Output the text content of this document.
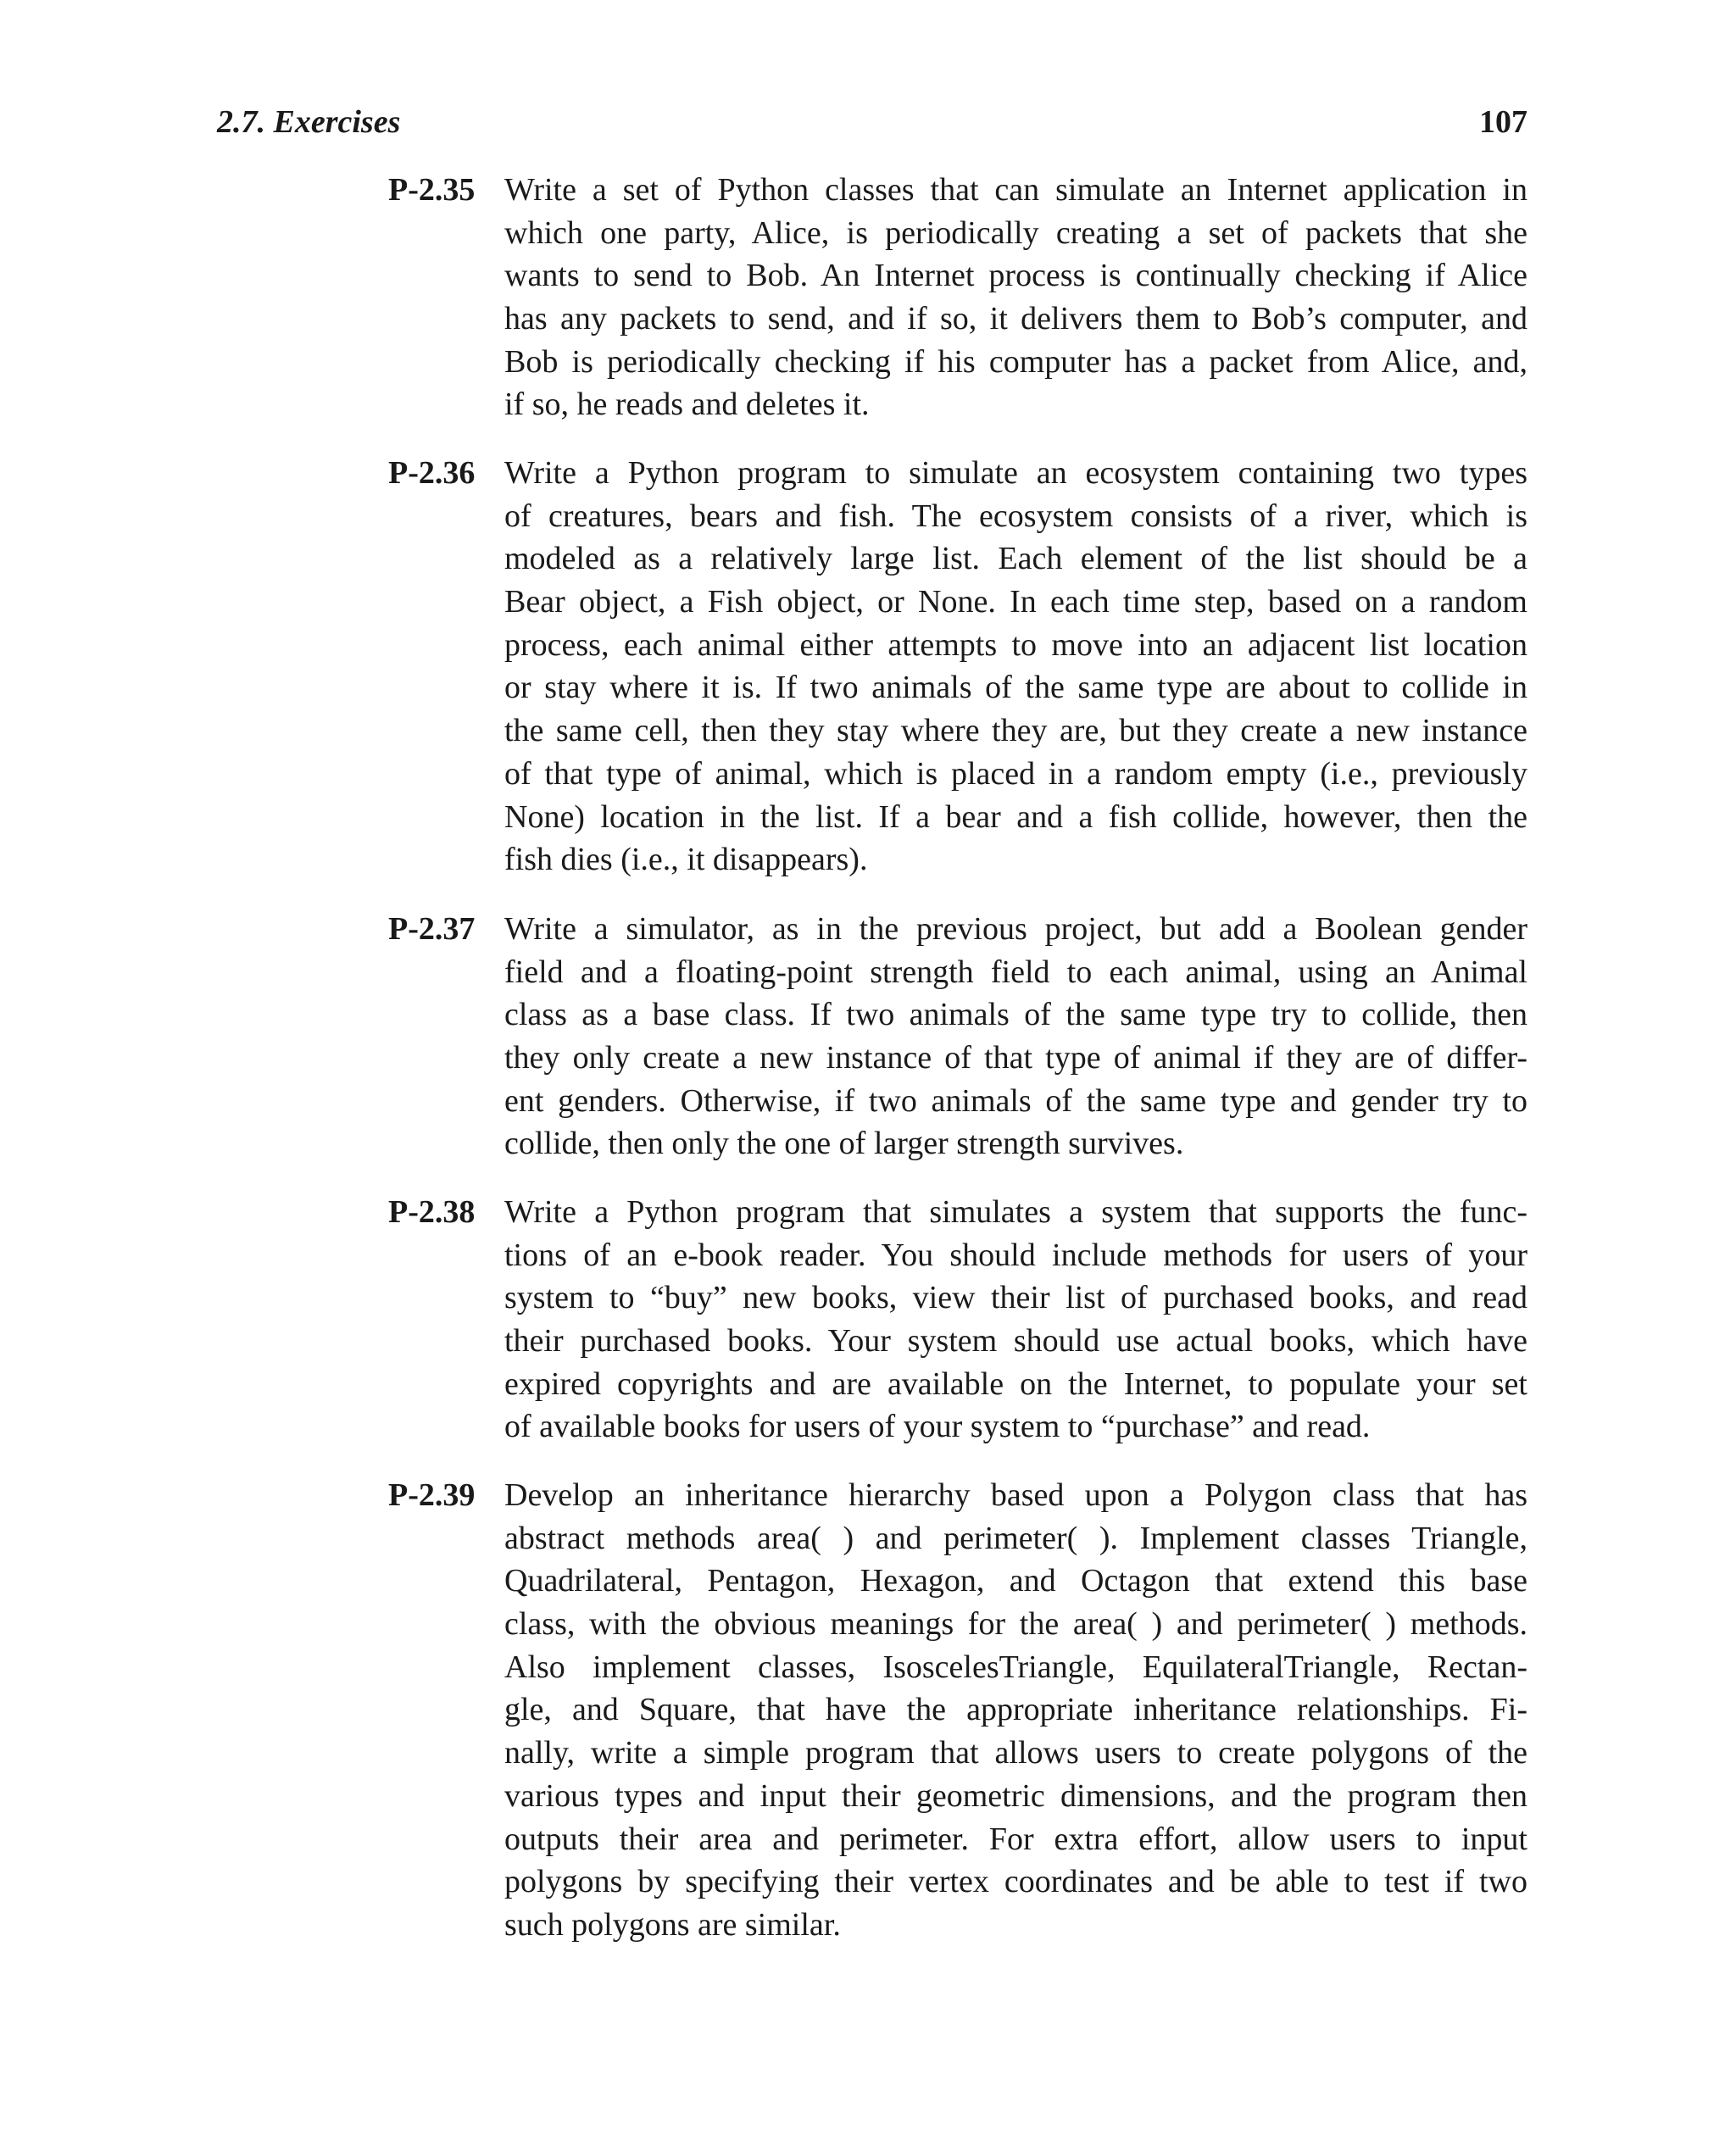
2.7. Exercises	107
P-2.35 Write a set of Python classes that can simulate an Internet application in
which one party, Alice, is periodically creating a set of packets that she
wants to send to Bob. An Internet process is continually checking if Alice
has any packets to send, and if so, it delivers them to Bob’s computer, and
Bob is periodically checking if his computer has a packet from Alice, and,
if so, he reads and deletes it.
P-2.36 Write a Python program to simulate an ecosystem containing two types
of creatures, bears and fish. The ecosystem consists of a river, which is
modeled as a relatively large list. Each element of the list should be a
Bear object, a Fish object, or None. In each time step, based on a random
process, each animal either attempts to move into an adjacent list location
or stay where it is. If two animals of the same type are about to collide in
the same cell, then they stay where they are, but they create a new instance
of that type of animal, which is placed in a random empty (i.e., previously
None) location in the list. If a bear and a fish collide, however, then the
fish dies (i.e., it disappears).
P-2.37 Write a simulator, as in the previous project, but add a Boolean gender
field and a floating-point strength field to each animal, using an Animal
class as a base class. If two animals of the same type try to collide, then
they only create a new instance of that type of animal if they are of differ-
ent genders. Otherwise, if two animals of the same type and gender try to
collide, then only the one of larger strength survives.
P-2.38 Write a Python program that simulates a system that supports the func-
tions of an e-book reader. You should include methods for users of your
system to “buy” new books, view their list of purchased books, and read
their purchased books. Your system should use actual books, which have
expired copyrights and are available on the Internet, to populate your set
of available books for users of your system to “purchase” and read.
P-2.39 Develop an inheritance hierarchy based upon a Polygon class that has
abstract methods area( ) and perimeter( ). Implement classes Triangle,
Quadrilateral, Pentagon, Hexagon, and Octagon that extend this base
class, with the obvious meanings for the area( ) and perimeter( ) methods.
Also implement classes, IsoscelesTriangle, EquilateralTriangle, Rectan-
gle, and Square, that have the appropriate inheritance relationships. Fi-
nally, write a simple program that allows users to create polygons of the
various types and input their geometric dimensions, and the program then
outputs their area and perimeter. For extra effort, allow users to input
polygons by specifying their vertex coordinates and be able to test if two
such polygons are similar.
